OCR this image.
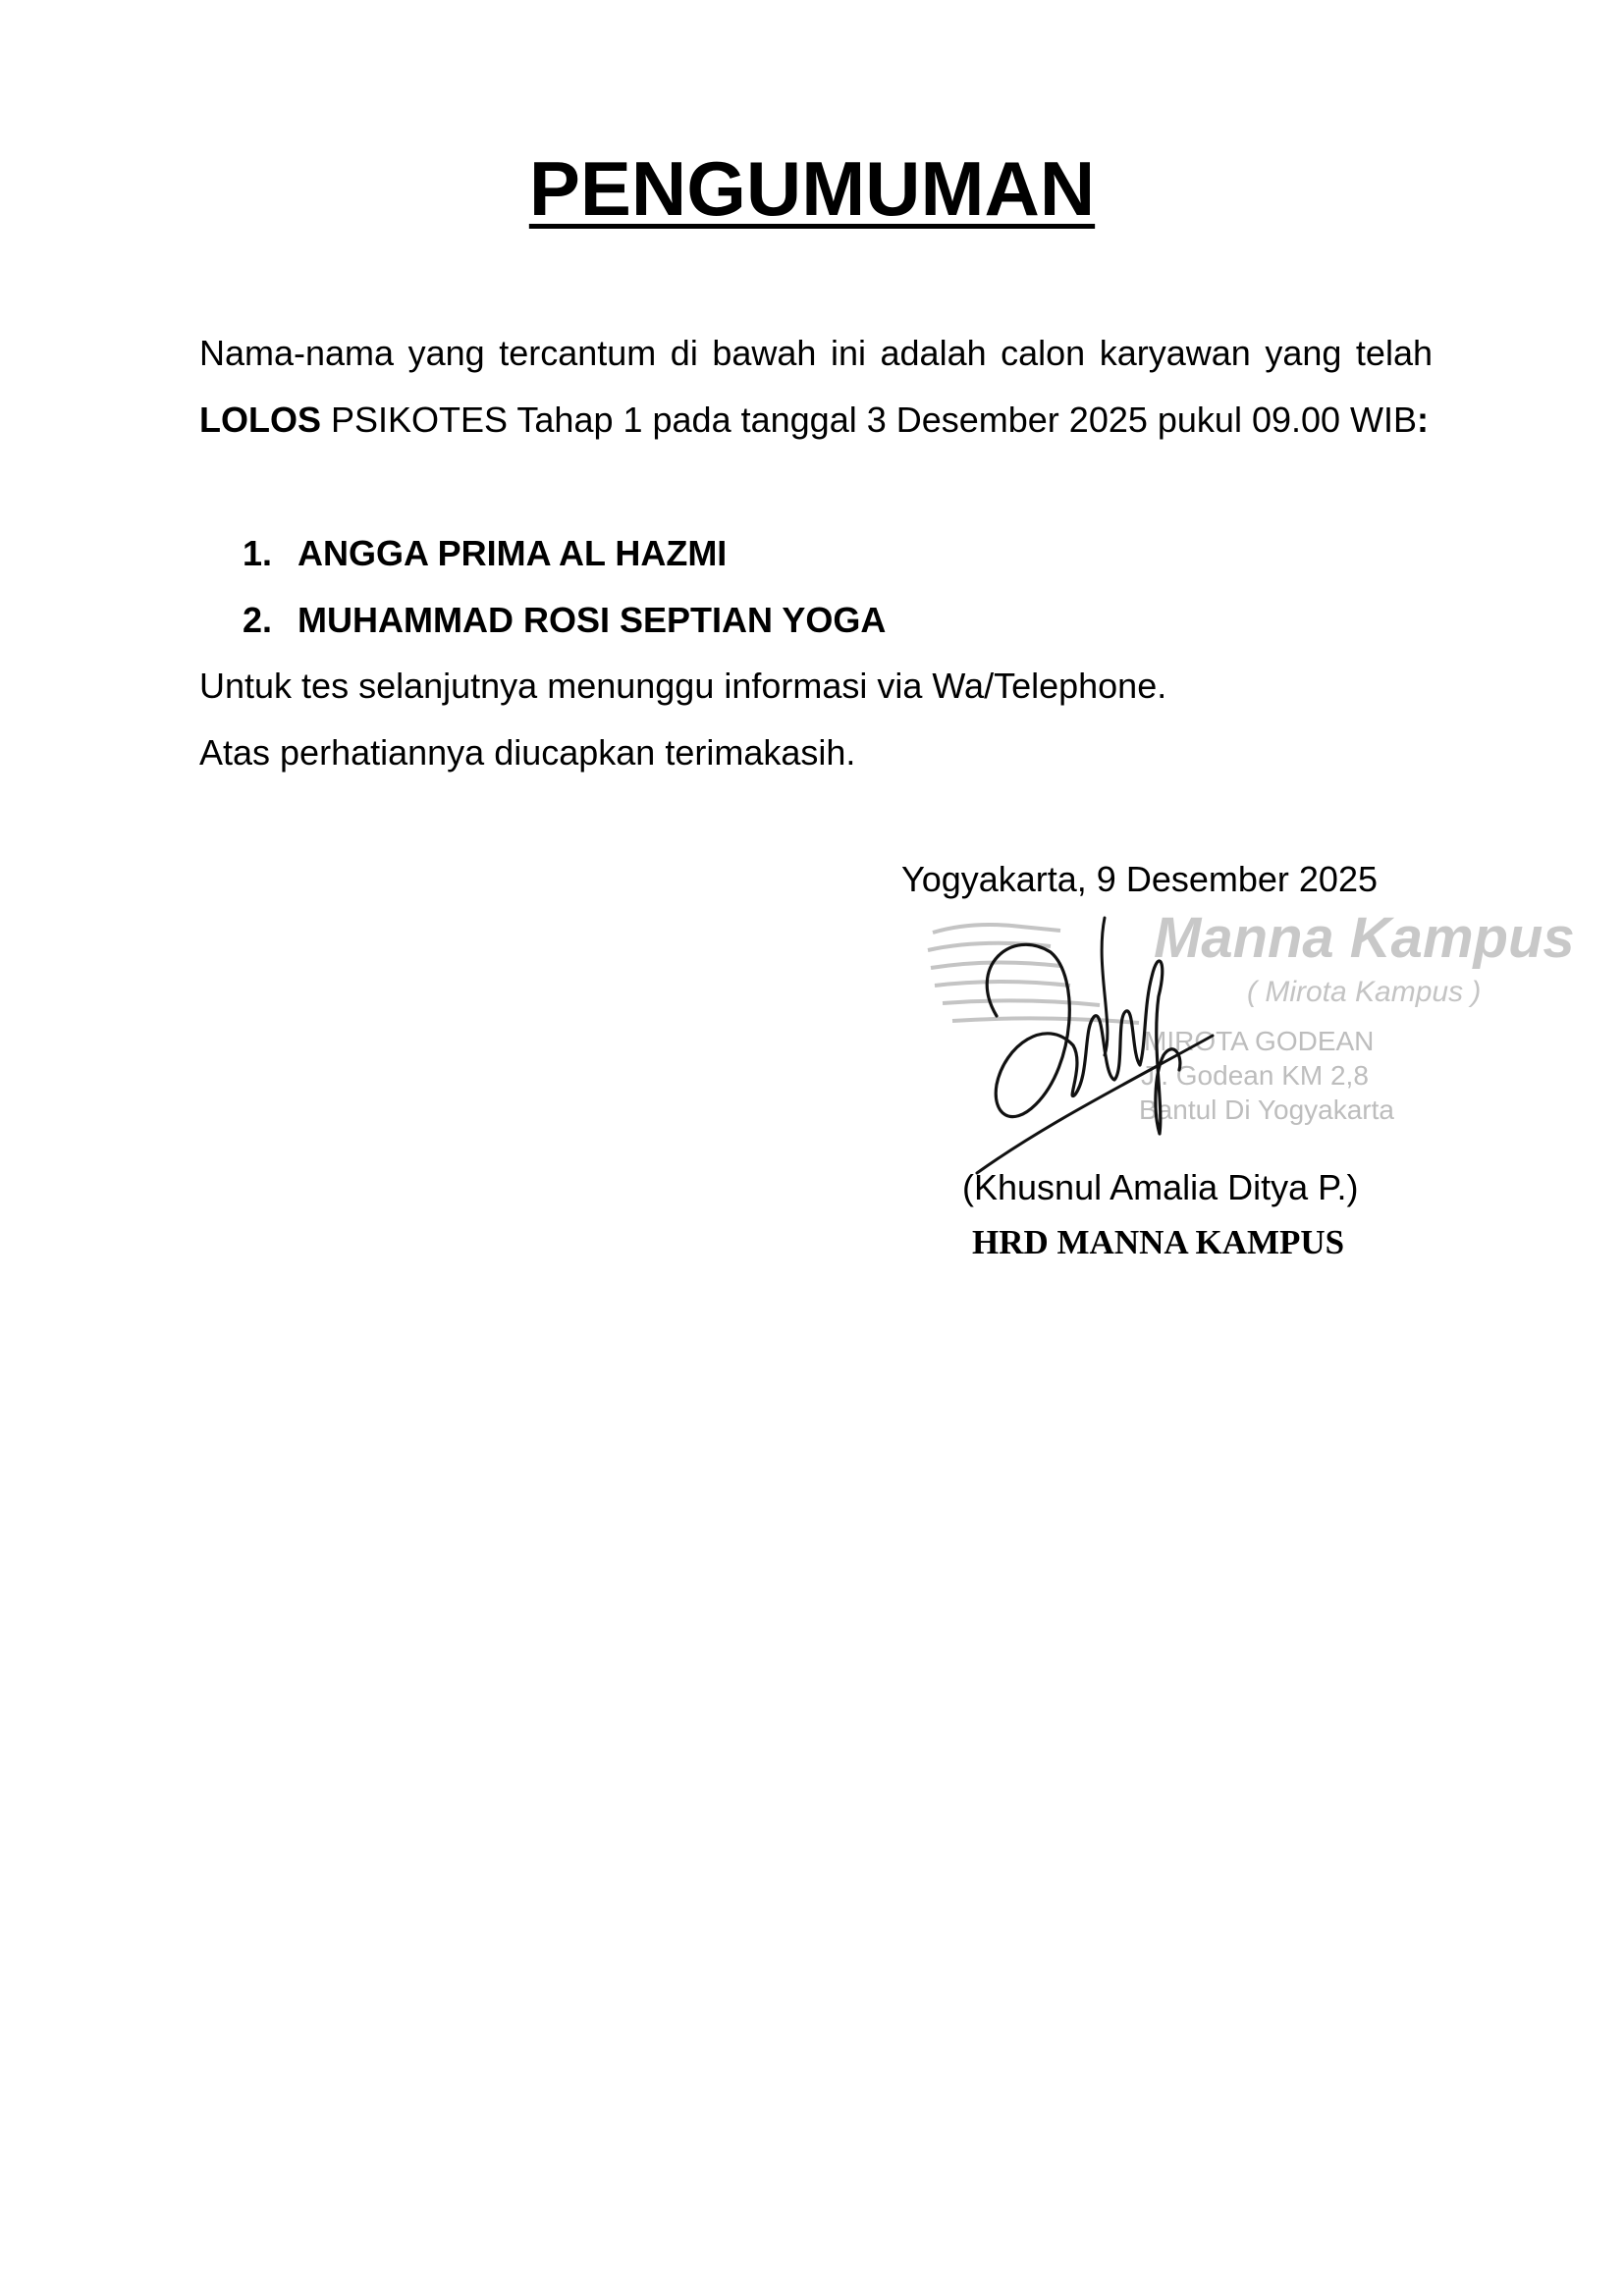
PENGUMUMAN

Nama-nama yang tercantum di bawah ini adalah calon karyawan yang telah LOLOS PSIKOTES Tahap 1 pada tanggal 3 Desember 2025 pukul 09.00 WIB:

1. ANGGA PRIMA AL HAZMI
2. MUHAMMAD ROSI SEPTIAN YOGA

Untuk tes selanjutnya menunggu informasi via Wa/Telephone.

Atas perhatiannya diucapkan terimakasih.

Yogyakarta, 9 Desember 2025

Manna Kampus
( Mirota Kampus )
MIROTA GODEAN
Jl. Godean KM 2,8
Bantul Di Yogyakarta

(Khusnul Amalia Ditya P.)

HRD MANNA KAMPUS
